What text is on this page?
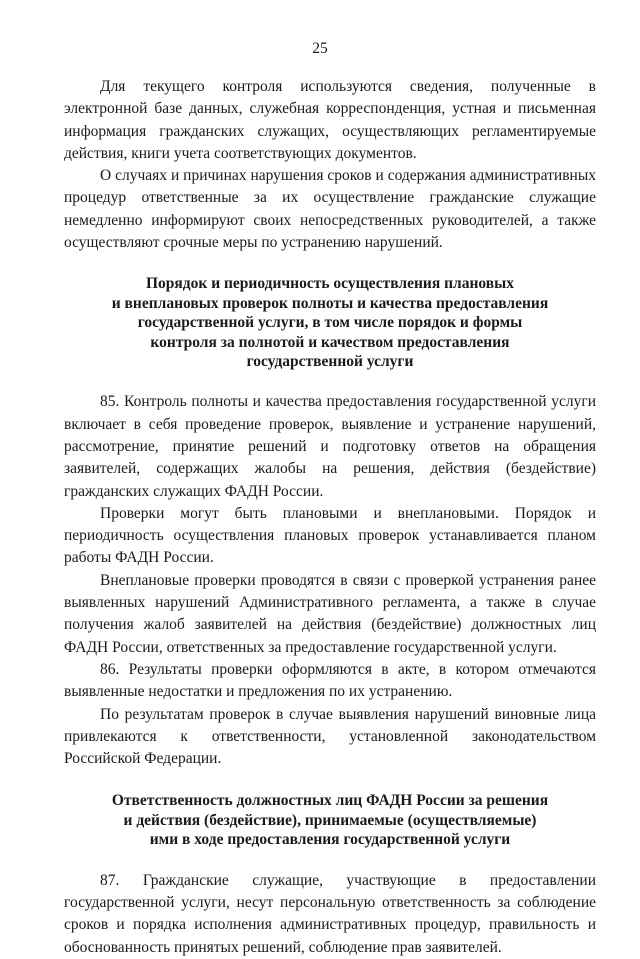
25

Для текущего контроля используются сведения, полученные в электронной базе данных, служебная корреспонденция, устная и письменная информация гражданских служащих, осуществляющих регламентируемые действия, книги учета соответствующих документов.

О случаях и причинах нарушения сроков и содержания административных процедур ответственные за их осуществление гражданские служащие немедленно информируют своих непосредственных руководителей, а также осуществляют срочные меры по устранению нарушений.

Порядок и периодичность осуществления плановых
и внеплановых проверок полноты и качества предоставления
государственной услуги, в том числе порядок и формы
контроля за полнотой и качеством предоставления
государственной услуги

85. Контроль полноты и качества предоставления государственной услуги включает в себя проведение проверок, выявление и устранение нарушений, рассмотрение, принятие решений и подготовку ответов на обращения заявителей, содержащих жалобы на решения, действия (бездействие) гражданских служащих ФАДН России.

Проверки могут быть плановыми и внеплановыми. Порядок и периодичность осуществления плановых проверок устанавливается планом работы ФАДН России.

Внеплановые проверки проводятся в связи с проверкой устранения ранее выявленных нарушений Административного регламента, а также в случае получения жалоб заявителей на действия (бездействие) должностных лиц ФАДН России, ответственных за предоставление государственной услуги.

86. Результаты проверки оформляются в акте, в котором отмечаются выявленные недостатки и предложения по их устранению.

По результатам проверок в случае выявления нарушений виновные лица привлекаются к ответственности, установленной законодательством Российской Федерации.

Ответственность должностных лиц ФАДН России за решения
и действия (бездействие), принимаемые (осуществляемые)
ими в ходе предоставления государственной услуги

87. Гражданские служащие, участвующие в предоставлении государственной услуги, несут персональную ответственность за соблюдение сроков и порядка исполнения административных процедур, правильность и обоснованность принятых решений, соблюдение прав заявителей.
